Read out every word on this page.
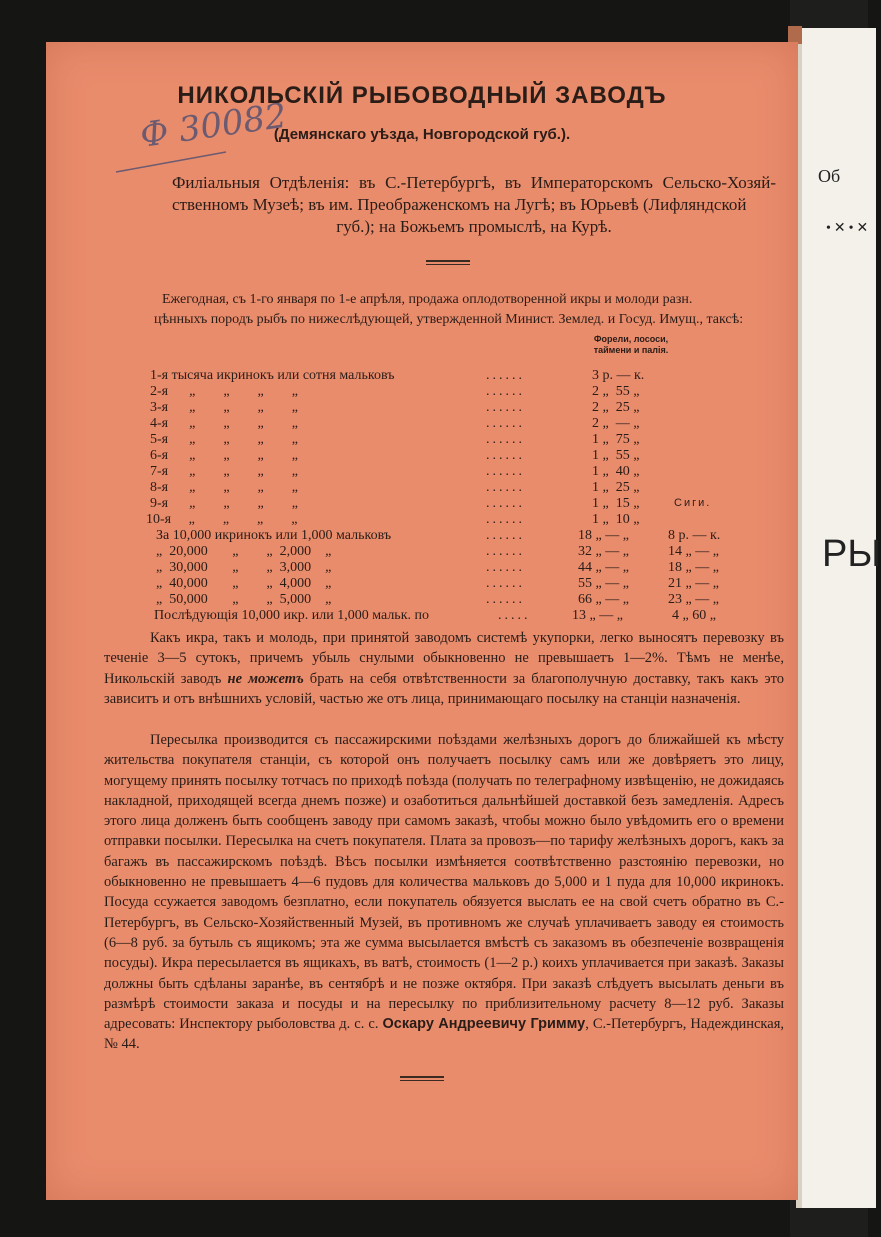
Об
•✕•✕
РЫ
Ф 30082
НИКОЛЬСКІЙ РЫБОВОДНЫЙ ЗАВОДЪ
(Демянскаго уѣзда, Новгородской губ.).
Филіальныя Отдѣленія: въ С.-Петербургѣ, въ Императорскомъ Сельско-Хозяй- ственномъ Музеѣ; въ им. Преображенскомъ на Лугѣ; въ Юрьевѣ (Лифляндской
губ.); на Божьемъ промыслѣ, на Курѣ.
Ежегодная, съ 1-го января по 1-е апрѣля, продажа оплодотворенной икры и молоди разн.
цѣнныхъ породъ рыбъ по нижеслѣдующей, утвержденной Минист. Землед. и Госуд. Имущ., таксѣ:
Форели, лососи,
таймени и палія.
Сиги.
1-я тысяча икринокъ или сотня мальковъ	......	3 р. — к.
2-я      „        „        „        „	......	2 „  55 „
3-я      „        „        „        „	......	2 „  25 „
4-я      „        „        „        „	......	2 „  — „
5-я      „        „        „        „	......	1 „  75 „
6-я      „        „        „        „	......	1 „  55 „
7-я      „        „        „        „	......	1 „  40 „
8-я      „        „        „        „	......	1 „  25 „
9-я      „        „        „        „	......	1 „  15 „
10-я     „        „        „        „	......	1 „  10 „
За 10,000 икринокъ или 1,000 мальковъ	......	18 „ — „	8 р. — к.
„  20,000       „        „  2,000    „	......	32 „ — „	14 „ — „
„  30,000       „        „  3,000    „	......	44 „ — „	18 „ — „
„  40,000       „        „  4,000    „	......	55 „ — „	21 „ — „
„  50,000       „        „  5,000    „	......	66 „ — „	23 „ — „
Послѣдующія 10,000 икр. или 1,000 мальк. по	.....	13 „ — „	4 „ 60 „

Какъ икра, такъ и молодь, при принятой заводомъ системѣ укупорки, легко выносятъ перевозку въ теченіе 3—5 сутокъ, причемъ убыль снулыми обыкновенно не превышаетъ 1—2%. Тѣмъ не менѣе, Никольскій заводъ не можетъ брать на себя отвѣтственности за благополучную доставку, такъ какъ это зависитъ и отъ внѣшнихъ условій, частью же отъ лица, принимающаго посылку на станціи назначенія.

Пересылка производится съ пассажирскими поѣздами желѣзныхъ дорогъ до ближайшей къ мѣсту жительства покупателя станціи, съ которой онъ получаетъ посылку самъ или же довѣряетъ это лицу, могущему принять посылку тотчасъ по приходѣ поѣзда (получать по телеграфному извѣщенію, не дожидаясь накладной, приходящей всегда днемъ позже) и озаботиться дальнѣйшей доставкой безъ замедленія. Адресъ этого лица долженъ быть сообщенъ заводу при самомъ заказѣ, чтобы можно было увѣдомить его о времени отправки посылки. Пересылка на счетъ покупателя. Плата за провозъ—по тарифу желѣзныхъ дорогъ, какъ за багажъ въ пассажирскомъ поѣздѣ. Вѣсъ посылки измѣняется соотвѣтственно разстоянію перевозки, но обыкновенно не превышаетъ 4—6 пудовъ для количества мальковъ до 5,000 и 1 пуда для 10,000 икринокъ. Посуда ссужается заводомъ безплатно, если покупатель обязуется выслать ее на свой счетъ обратно въ С.-Петербургъ, въ Сельско-Хозяйственный Музей, въ противномъ же случаѣ уплачиваетъ заводу ея стоимость (6—8 руб. за бутыль съ ящикомъ; эта же сумма высылается вмѣстѣ съ заказомъ въ обезпеченіе возвращенія посуды). Икра пересылается въ ящикахъ, въ ватѣ, стоимость (1—2 р.) коихъ уплачивается при заказѣ. Заказы должны быть сдѣланы заранѣе, въ сентябрѣ и не позже октября. При заказѣ слѣдуетъ высылать деньги въ размѣрѣ стоимости заказа и посуды и на пересылку по приблизительному расчету 8—12 руб. Заказы адресовать: Инспектору рыболовства д. с. с. Оскару Андреевичу Гримму, С.-Петербургъ, Надеждинская, № 44.
